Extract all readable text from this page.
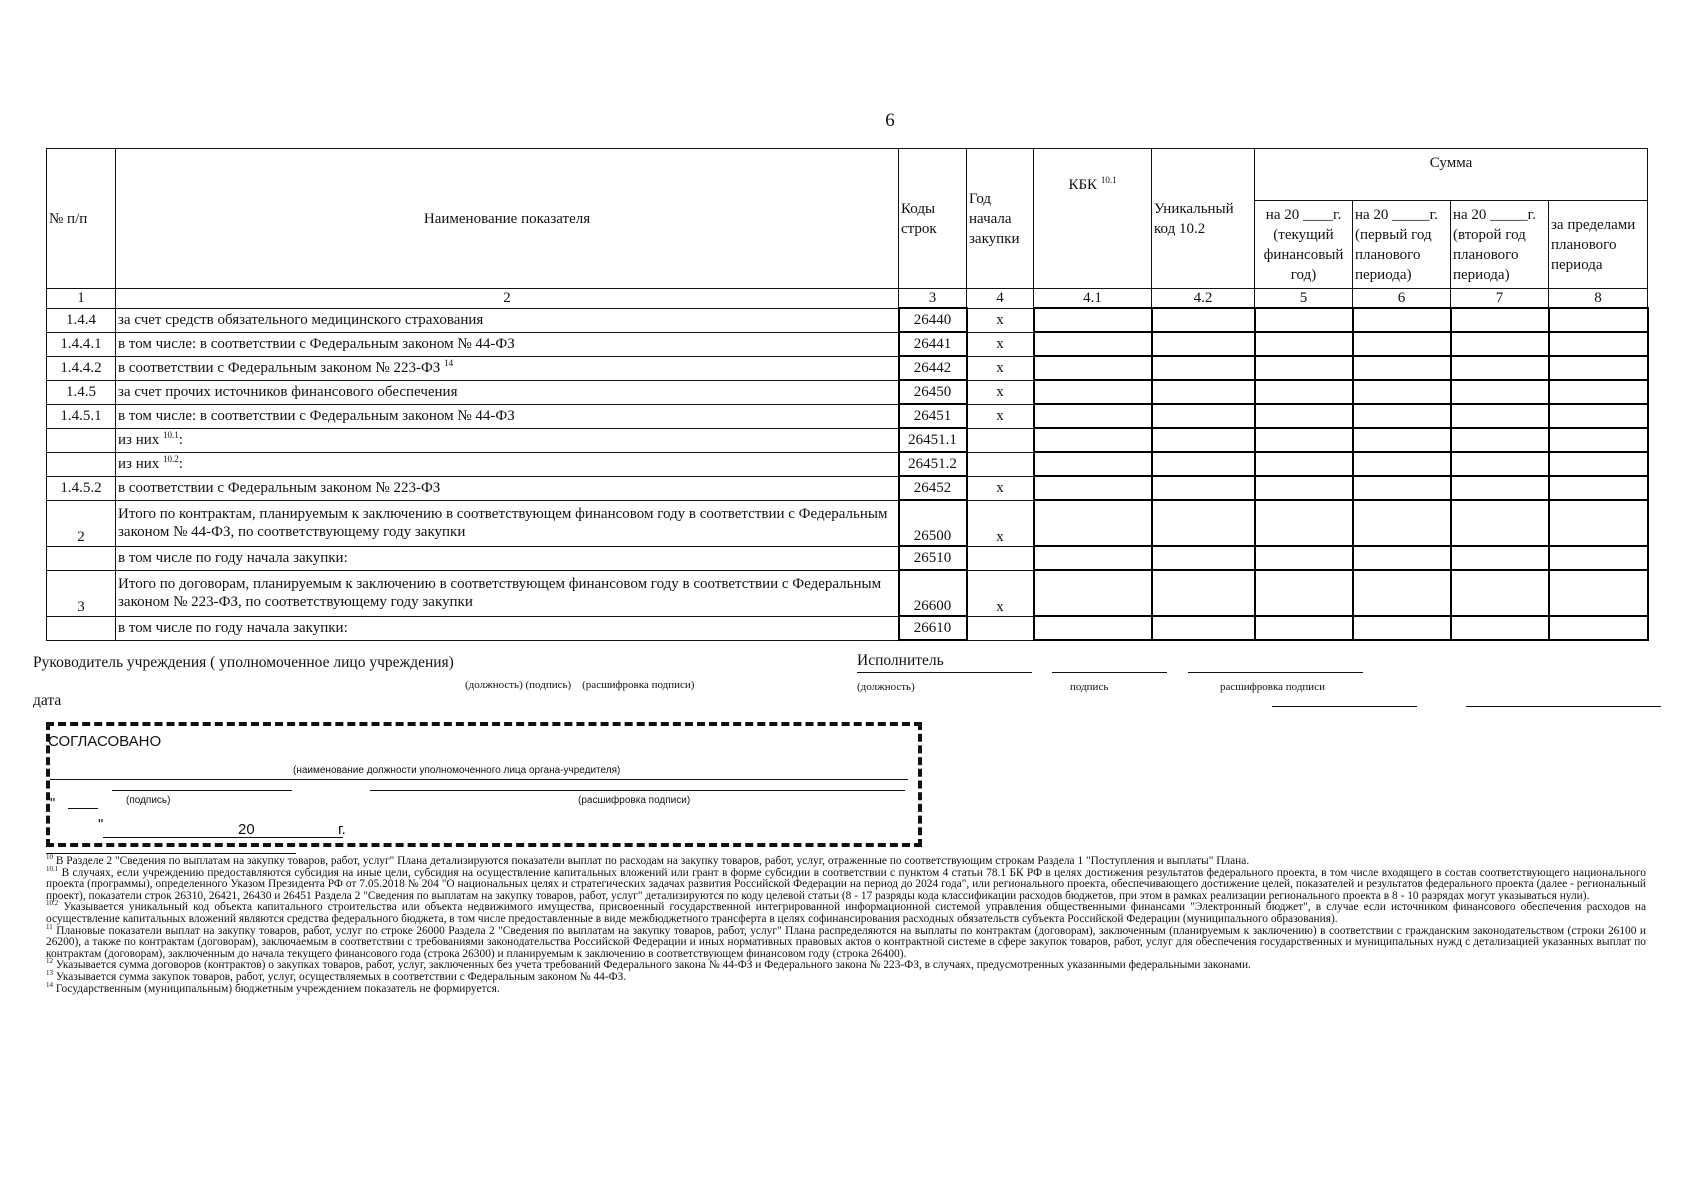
6
№ п/п	Наименование показателя	Коды строк	Год начала закупки	КБК $^{10.1}$	Уникальный код 10.2	Сумма			
						на 20 ____г. (текущий финансовый год)	на 20 _____г. (первый год планового периода)	на 20 _____г. (второй год планового периода)	за пределами планового периода
1	2	3	4	4.1	4.2	5	6	7	8
1.4.4	за счет средств обязательного медицинского страхования	26440	x						
1.4.4.1	в том числе: в соответствии с Федеральным законом № 44-ФЗ	26441	x						
1.4.4.2	в соответствии с Федеральным законом № 223-ФЗ $^{14}$	26442	x						
1.4.5	за счет прочих источников финансового обеспечения	26450	x						
1.4.5.1	в том числе: в соответствии с Федеральным законом № 44-ФЗ	26451	x						
	из них $^{10.1}$:	26451.1							
	из них $^{10.2}$:	26451.2							
1.4.5.2	в соответствии с Федеральным законом № 223-ФЗ	26452	x						
2	Итого по контрактам, планируемым к заключению в соответствующем финансовом году в соответствии с Федеральным законом № 44-ФЗ, по соответствующему году закупки	26500	x						
	в том числе по году начала закупки:	26510							
3	Итого по договорам, планируемым к заключению в соответствующем финансовом году в соответствии с Федеральным законом № 223-ФЗ, по соответствующему году закупки	26600	x						
	в том числе по году начала закупки:	26610							
Руководитель учреждения ( уполномоченное лицо учреждения)
(должность) (подпись)    (расшифровка подписи)
Исполнитель
(должность)	подпись	расшифровка подписи
дата
СОГЛАСОВАНО
(наименование должности уполномоченного лица органа-учредителя)
"	(подпись)	(расшифровка подписи)
"	20	г.

$^{10}$ В Разделе 2 "Сведения по выплатам на закупку товаров, работ, услуг" Плана детализируются показатели выплат по расходам на закупку товаров, работ, услуг, отраженные по соответствующим строкам Раздела 1 "Поступления и выплаты" Плана.

$^{10.1}$ В случаях, если учреждению предоставляются субсидия на иные цели, субсидия на осуществление капитальных вложений или грант в форме субсидии в соответствии с пунктом 4 статьи 78.1 БК РФ в целях достижения результатов федерального проекта, в том числе входящего в состав соответствующего национального проекта (программы), определенного Указом Президента РФ от 7.05.2018 № 204 "О национальных целях и стратегических задачах развития Российской Федерации на период до 2024 года", или регионального проекта, обеспечивающего достижение целей, показателей и результатов федерального проекта (далее - региональный проект), показатели строк 26310, 26421, 26430 и 26451 Раздела 2 "Сведения по выплатам на закупку товаров, работ, услуг" детализируются по коду целевой статьи (8 - 17 разряды кода классификации расходов бюджетов, при этом в рамках реализации регионального проекта в 8 - 10 разрядах могут указываться нули).

$^{10.2}$ Указывается уникальный код объекта капитального строительства или объекта недвижимого имущества, присвоенный государственной интегрированной информационной системой управления общественными финансами "Электронный бюджет", в случае если источником финансового обеспечения расходов на осуществление капитальных вложений являются средства федерального бюджета, в том числе предоставленные в виде межбюджетного трансферта в целях софинансирования расходных обязательств субъекта Российской Федерации (муниципального образования).

$^{11}$ Плановые показатели выплат на закупку товаров, работ, услуг по строке 26000 Раздела 2 "Сведения по выплатам на закупку товаров, работ, услуг" Плана распределяются на выплаты по контрактам (договорам), заключенным (планируемым к заключению) в соответствии с гражданским законодательством (строки 26100 и 26200), а также по контрактам (договорам), заключаемым в соответствии с требованиями законодательства Российской Федерации и иных нормативных правовых актов о контрактной системе в сфере закупок товаров, работ, услуг для обеспечения государственных и муниципальных нужд с детализацией указанных выплат по контрактам (договорам), заключенным до начала текущего финансового года (строка 26300) и планируемым к заключению в соответствующем финансовом году (строка 26400).

$^{12}$ Указывается сумма договоров (контрактов) о закупках товаров, работ, услуг, заключенных без учета требований Федерального закона № 44-ФЗ и Федерального закона № 223-ФЗ, в случаях, предусмотренных указанными федеральными законами.

$^{13}$ Указывается сумма закупок товаров, работ, услуг, осуществляемых в соответствии с Федеральным законом № 44-ФЗ.

$^{14}$ Государственным (муниципальным) бюджетным учреждением показатель не формируется.
